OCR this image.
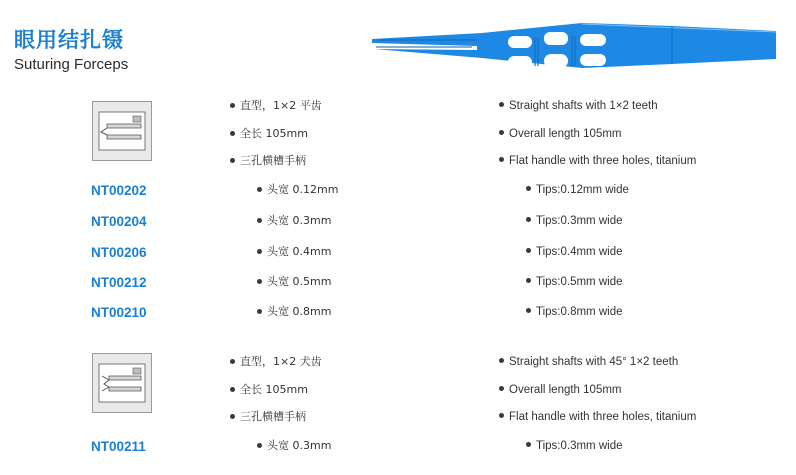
眼用结扎镊
Suturing Forceps
直型，1×2 平齿
全长 105mm
三孔横槽手柄
Straight shafts with 1×2 teeth
Overall length 105mm
Flat handle with three holes, titanium
NT00202	头宽 0.12mm	Tips:0.12mm wide
NT00204	头宽 0.3mm	Tips:0.3mm wide
NT00206	头宽 0.4mm	Tips:0.4mm wide
NT00212	头宽 0.5mm	Tips:0.5mm wide
NT00210	头宽 0.8mm	Tips:0.8mm wide
直型，1×2 犬齿
全长 105mm
三孔横槽手柄
Straight shafts with 45° 1×2 teeth
Overall length 105mm
Flat handle with three holes, titanium
NT00211	头宽 0.3mm	Tips:0.3mm wide
